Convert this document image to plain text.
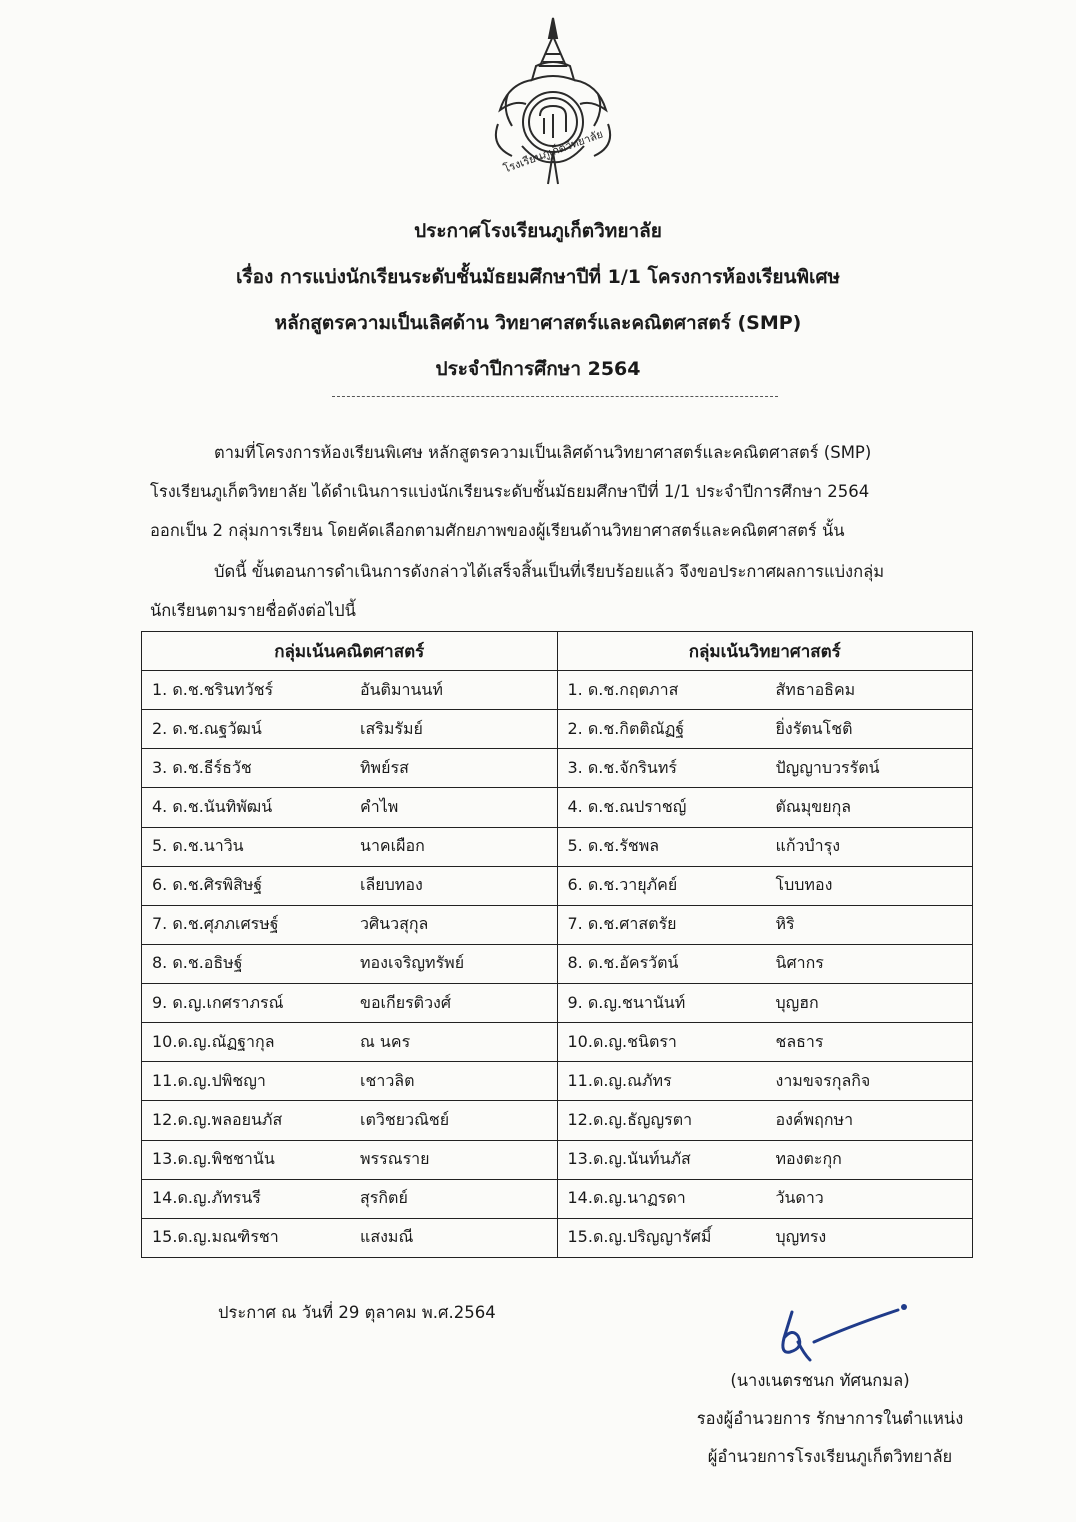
โรงเรียนภูเก็ตวิทยาลัย
ประกาศโรงเรียนภูเก็ตวิทยาลัย
เรื่อง การแบ่งนักเรียนระดับชั้นมัธยมศึกษาปีที่ 1/1 โครงการห้องเรียนพิเศษ
หลักสูตรความเป็นเลิศด้าน วิทยาศาสตร์และคณิตศาสตร์ (SMP)
ประจำปีการศึกษา 2564
ตามที่โครงการห้องเรียนพิเศษ หลักสูตรความเป็นเลิศด้านวิทยาศาสตร์และคณิตศาสตร์ (SMP)
โรงเรียนภูเก็ตวิทยาลัย ได้ดำเนินการแบ่งนักเรียนระดับชั้นมัธยมศึกษาปีที่ 1/1 ประจำปีการศึกษา 2564
ออกเป็น 2 กลุ่มการเรียน โดยคัดเลือกตามศักยภาพของผู้เรียนด้านวิทยาศาสตร์และคณิตศาสตร์ นั้น
บัดนี้ ขั้นตอนการดำเนินการดังกล่าวได้เสร็จสิ้นเป็นที่เรียบร้อยแล้ว จึงขอประกาศผลการแบ่งกลุ่ม
นักเรียนตามรายชื่อดังต่อไปนี้
กลุ่มเน้นคณิตศาสตร์	กลุ่มเน้นวิทยาศาสตร์

1. ด.ช.ชรินทวัชร์ อันติมานนท์	1. ด.ช.กฤตภาส สัทธาอธิคม

2. ด.ช.ณฐวัฒน์ เสริมรัมย์	2. ด.ช.กิตติณัฏฐ์ ยิ่งรัตนโชติ

3. ด.ช.ธีร์ธวัช ทิพย์รส	3. ด.ช.จักรินทร์ ปัญญาบวรรัตน์

4. ด.ช.นันทิพัฒน์ คำไพ	4. ด.ช.ณปราชญ์ ตัณมุขยกุล

5. ด.ช.นาวิน นาคเผือก	5. ด.ช.รัชพล แก้วบำรุง

6. ด.ช.ศิรพิสิษฐ์ เลียบทอง	6. ด.ช.วายุภัคย์ โบบทอง

7. ด.ช.ศุภภเศรษฐ์ วศินวสุกุล	7. ด.ช.ศาสตรัย หิริ

8. ด.ช.อธิษฐ์ ทองเจริญทรัพย์	8. ด.ช.อัครวัตน์ นิศากร

9. ด.ญ.เกศราภรณ์ ขอเกียรติวงศ์	9. ด.ญ.ชนานันท์ บุญฮก

10.ด.ญ.ณัฏฐากุล ณ นคร	10.ด.ญ.ชนิตรา ชลธาร

11.ด.ญ.ปพิชญา เชาวลิต	11.ด.ญ.ณภัทร งามขจรกุลกิจ

12.ด.ญ.พลอยนภัส เตวิชยวณิชย์	12.ด.ญ.ธัญญรตา องค์พฤกษา

13.ด.ญ.พิชชานัน พรรณราย	13.ด.ญ.นันท์นภัส ทองตะกุก

14.ด.ญ.ภัทรนรี สุรกิตย์	14.ด.ญ.นาฏรดา วันดาว

15.ด.ญ.มณฑิรชา แสงมณี	15.ด.ญ.ปริญญารัศมิ์ บุญทรง
ประกาศ ณ วันที่ 29 ตุลาคม พ.ศ.2564
(นางเนตรชนก ทัศนกมล)
รองผู้อำนวยการ รักษาการในตำแหน่ง
ผู้อำนวยการโรงเรียนภูเก็ตวิทยาลัย
